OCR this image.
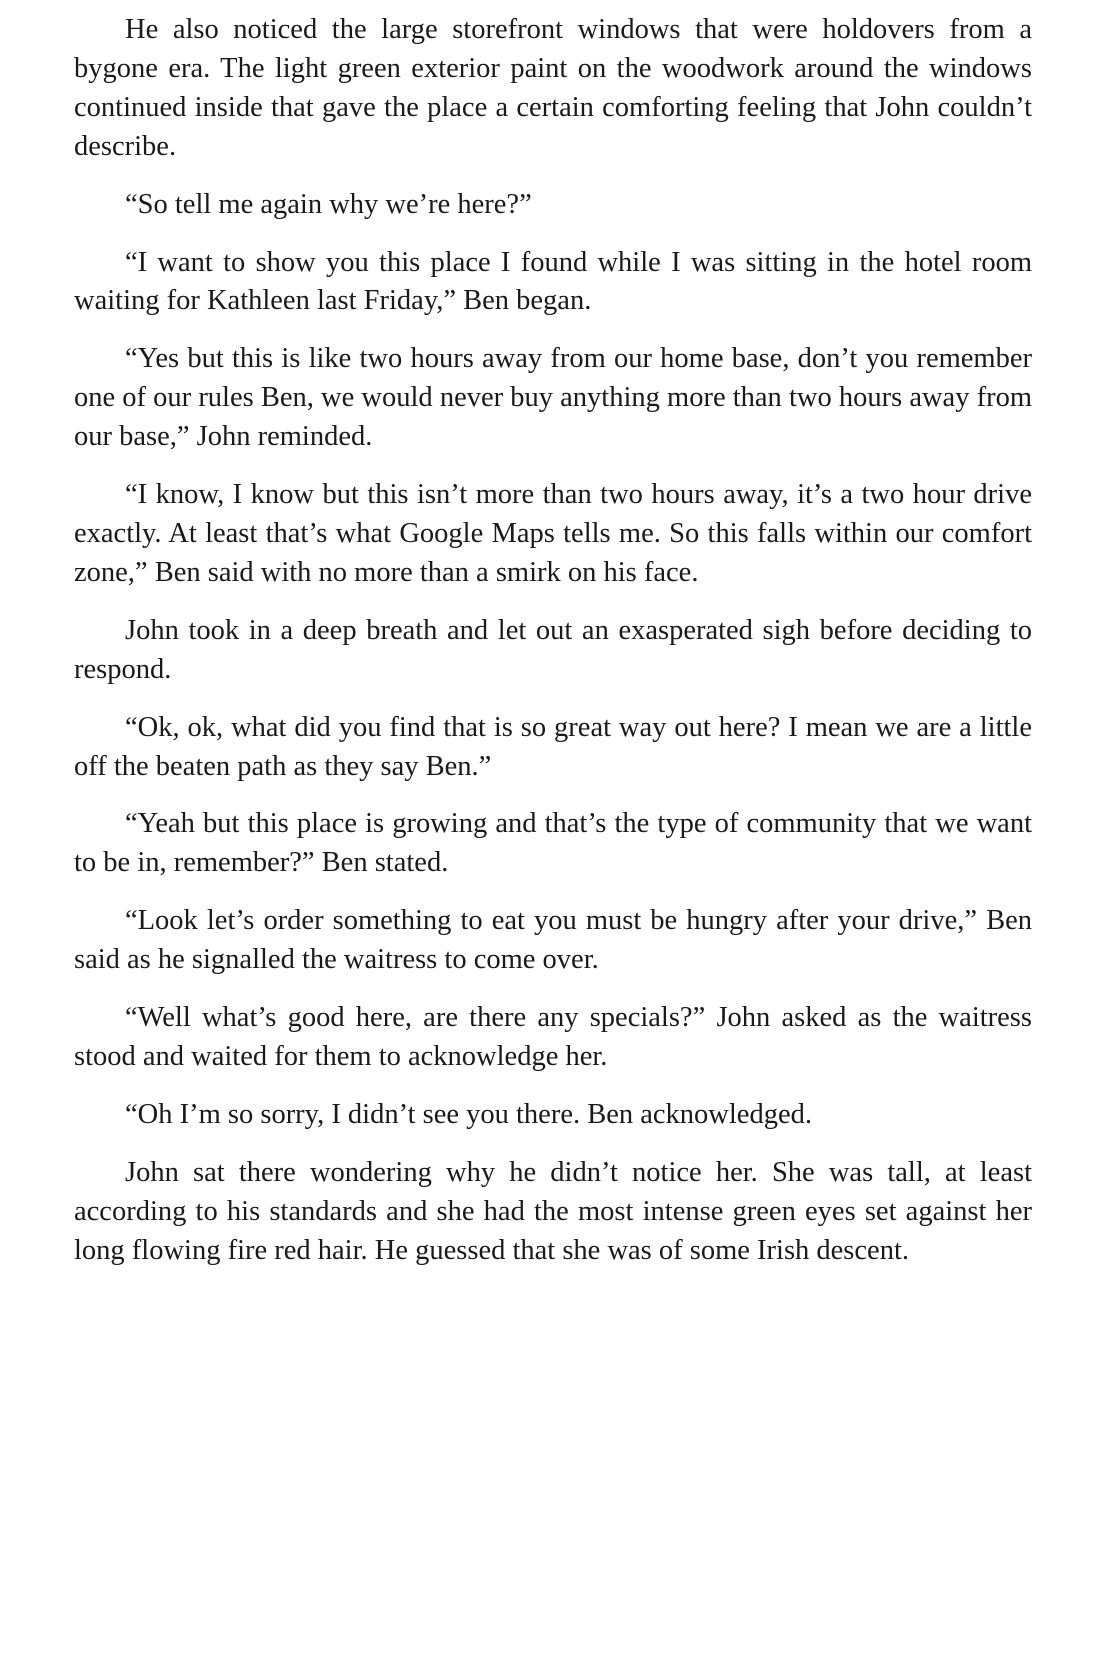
He also noticed the large storefront windows that were holdovers from a bygone era. The light green exterior paint on the woodwork around the windows continued inside that gave the place a certain comforting feeling that John couldn’t describe.

“So tell me again why we’re here?”

“I want to show you this place I found while I was sitting in the hotel room waiting for Kathleen last Friday,” Ben began.

“Yes but this is like two hours away from our home base, don’t you remember one of our rules Ben, we would never buy anything more than two hours away from our base,” John reminded.

“I know, I know but this isn’t more than two hours away, it’s a two hour drive exactly. At least that’s what Google Maps tells me. So this falls within our comfort zone,” Ben said with no more than a smirk on his face.

John took in a deep breath and let out an exasperated sigh before deciding to respond.

“Ok, ok, what did you find that is so great way out here? I mean we are a little off the beaten path as they say Ben.”

“Yeah but this place is growing and that’s the type of community that we want to be in, remember?” Ben stated.

“Look let’s order something to eat you must be hungry after your drive,” Ben said as he signalled the waitress to come over.

“Well what’s good here, are there any specials?” John asked as the waitress stood and waited for them to acknowledge her.

“Oh I’m so sorry, I didn’t see you there. Ben acknowledged.

John sat there wondering why he didn’t notice her. She was tall, at least according to his standards and she had the most intense green eyes set against her long flowing fire red hair. He guessed that she was of some Irish descent.
